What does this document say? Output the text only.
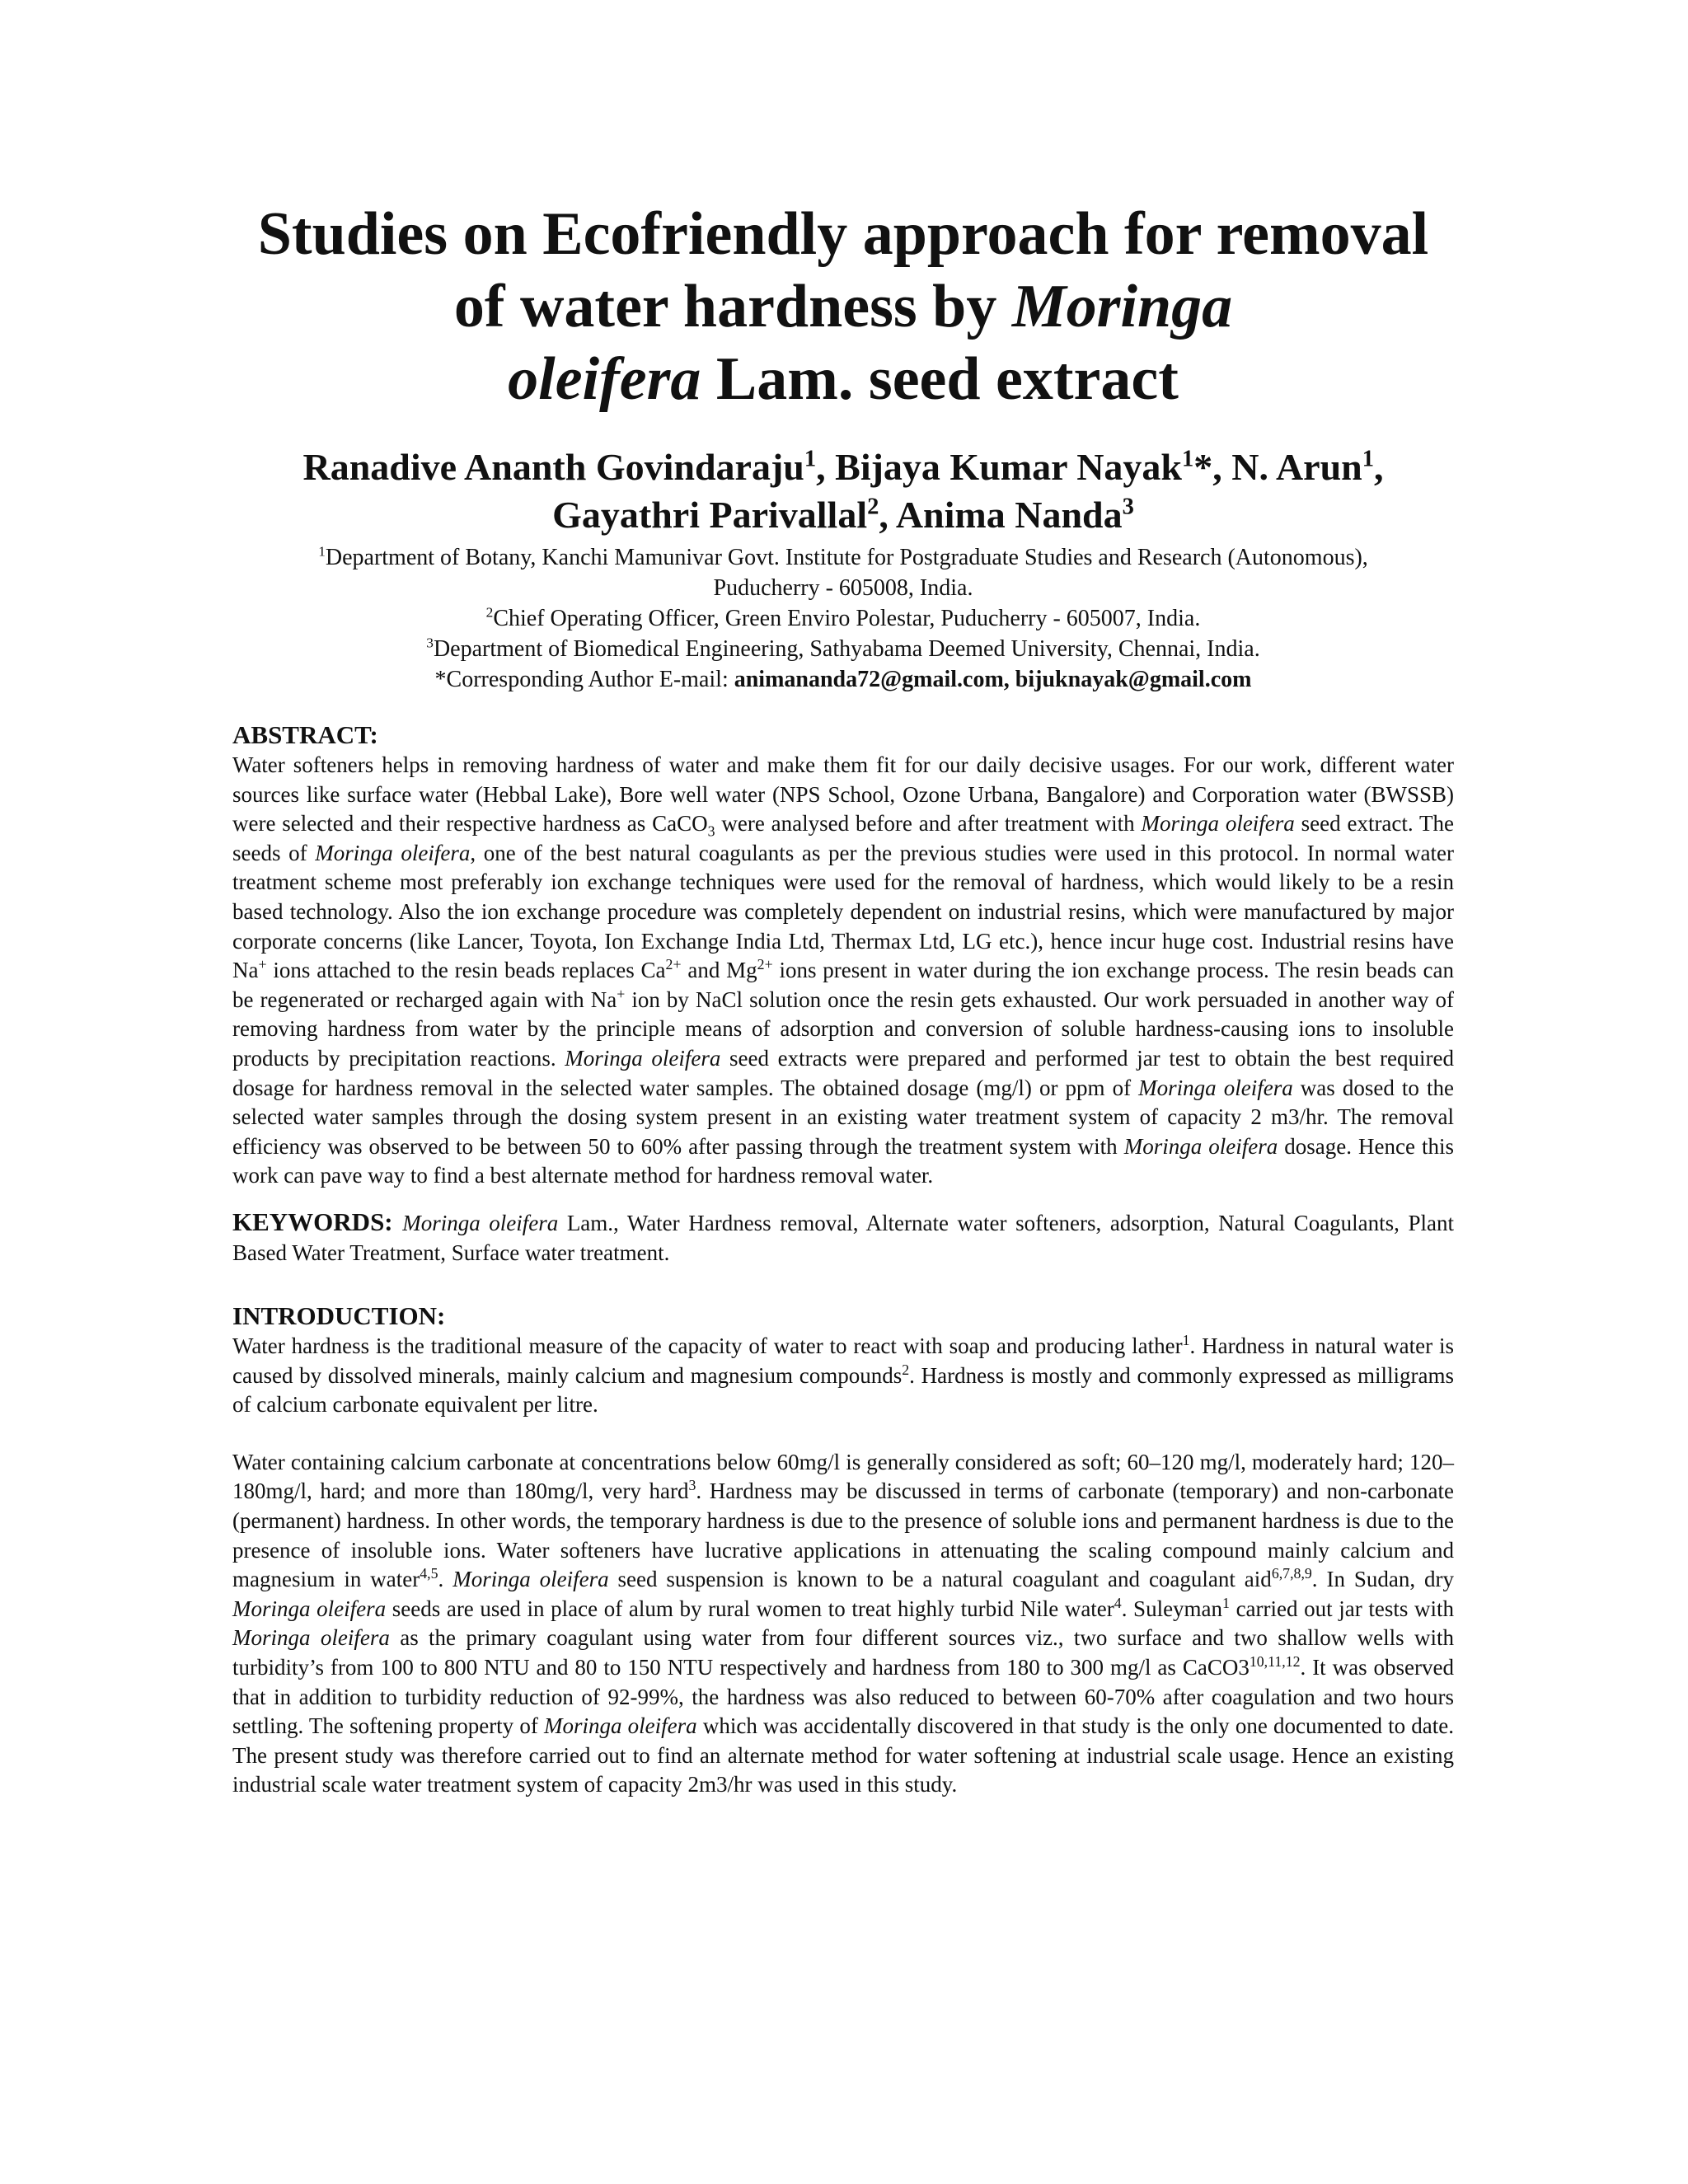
Studies on Ecofriendly approach for removal
of water hardness by Moringa
oleifera Lam. seed extract
Ranadive Ananth Govindaraju$^1$, Bijaya Kumar Nayak$^1$*, N. Arun$^1$,
Gayathri Parivallal$^2$, Anima Nanda$^3$

$^1$Department of Botany, Kanchi Mamunivar Govt. Institute for Postgraduate Studies and Research (Autonomous),
Puducherry - 605008, India.

$^2$Chief Operating Officer, Green Enviro Polestar, Puducherry - 605007, India.

$^3$Department of Biomedical Engineering, Sathyabama Deemed University, Chennai, India.

*Corresponding Author E-mail: animananda72@gmail.com, bijuknayak@gmail.com

ABSTRACT:

Water softeners helps in removing hardness of water and make them fit for our daily decisive usages. For our work, different water sources like surface water (Hebbal Lake), Bore well water (NPS School, Ozone Urbana, Bangalore) and Corporation water (BWSSB) were selected and their respective hardness as CaCO$_3$ were analysed before and after treatment with Moringa oleifera seed extract. The seeds of Moringa oleifera, one of the best natural coagulants as per the previous studies were used in this protocol. In normal water treatment scheme most preferably ion exchange techniques were used for the removal of hardness, which would likely to be a resin based technology. Also the ion exchange procedure was completely dependent on industrial resins, which were manufactured by major corporate concerns (like Lancer, Toyota, Ion Exchange India Ltd, Thermax Ltd, LG etc.), hence incur huge cost. Industrial resins have Na+ ions attached to the resin beads replaces $Ca^{2+}$ and $Mg^{2+}$ ions present in water during the ion exchange process. The resin beads can be regenerated or recharged again with Na+ ion by NaCl solution once the resin gets exhausted. Our work persuaded in another way of removing hardness from water by the principle means of adsorption and conversion of soluble hardness-causing ions to insoluble products by precipitation reactions. Moringa oleifera seed extracts were prepared and performed jar test to obtain the best required dosage for hardness removal in the selected water samples. The obtained dosage (mg/l) or ppm of Moringa oleifera was dosed to the selected water samples through the dosing system present in an existing water treatment system of capacity 2 m3/hr. The removal efficiency was observed to be between 50 to 60% after passing through the treatment system with Moringa oleifera dosage. Hence this work can pave way to find a best alternate method for hardness removal water.

KEYWORDS: Moringa oleifera Lam., Water Hardness removal, Alternate water softeners, adsorption, Natural Coagulants, Plant Based Water Treatment, Surface water treatment.

INTRODUCTION:

Water hardness is the traditional measure of the capacity of water to react with soap and producing lather$^1$. Hardness in natural water is caused by dissolved minerals, mainly calcium and magnesium compounds$^2$. Hardness is mostly and commonly expressed as milligrams of calcium carbonate equivalent per litre.

Water containing calcium carbonate at concentrations below 60mg/l is generally considered as soft; 60–120 mg/l, moderately hard; 120–180mg/l, hard; and more than 180mg/l, very hard$^3$. Hardness may be discussed in terms of carbonate (temporary) and non-carbonate (permanent) hardness. In other words, the temporary hardness is due to the presence of soluble ions and permanent hardness is due to the presence of insoluble ions. Water softeners have lucrative applications in attenuating the scaling compound mainly calcium and magnesium in water$^{4,5}$. Moringa oleifera seed suspension is known to be a natural coagulant and coagulant aid$^{6,7,8,9}$. In Sudan, dry Moringa oleifera seeds are used in place of alum by rural women to treat highly turbid Nile water$^4$. Suleyman$^1$ carried out jar tests with Moringa oleifera as the primary coagulant using water from four different sources viz., two surface and two shallow wells with turbidity’s from 100 to 800 NTU and 80 to 150 NTU respectively and hardness from 180 to 300 mg/l as CaCO3$^{10,11,12}$. It was observed that in addition to turbidity reduction of 92-99%, the hardness was also reduced to between 60-70% after coagulation and two hours settling. The softening property of Moringa oleifera which was accidentally discovered in that study is the only one documented to date. The present study was therefore carried out to find an alternate method for water softening at industrial scale usage. Hence an existing industrial scale water treatment system of capacity 2m3/hr was used in this study.
